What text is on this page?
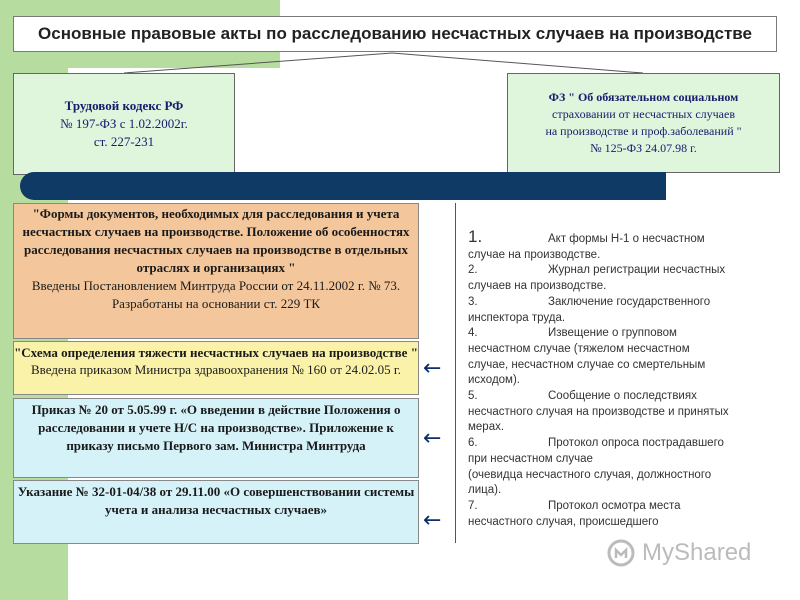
Основные правовые акты по расследованию несчастных случаев на производстве
Трудовой кодекс РФ
№ 197-ФЗ с 1.02.2002г.
ст. 227-231
ФЗ " Об обязательном социальном
страховании от несчастных случаев
на производстве и проф.заболеваний "
№ 125-ФЗ 24.07.98 г.
"Формы документов, необходимых для расследования и учета несчастных случаев на производстве. Положение об особенностях расследования несчастных случаев на производстве в отдельных отраслях и организациях "
Введены Постановлением Минтруда России от 24.11.2002 г. № 73. Разработаны на основании ст. 229 ТК
"Схема определения тяжести несчастных случаев на производстве " Введена приказом Министра здравоохранения № 160 от 24.02.05 г.
Приказ № 20 от 5.05.99 г. «О введении в действие Положения о расследовании и учете Н/С на производстве». Приложение к приказу письмо Первого зам. Министра Минтруда
Указание № 32-01-04/38 от 29.11.00 «О совершенствовании системы учета и анализа несчастных случаев»
←
←
←
1.	Акт формы Н-1 о несчастном
случае на производстве.
2.	Журнал регистрации несчастных
случаев на производстве.
3.	Заключение государственного
инспектора труда.
4.	Извещение о групповом
несчастном случае (тяжелом несчастном
случае, несчастном случае со смертельным
исходом).
5.	Сообщение о последствиях
несчастного случая на производстве и принятых
мерах.
6.	Протокол опроса пострадавшего
при несчастном случае
(очевидца несчастного случая, должностного
лица).
7.	Протокол осмотра места
несчастного случая, происшедшего
MyShared
